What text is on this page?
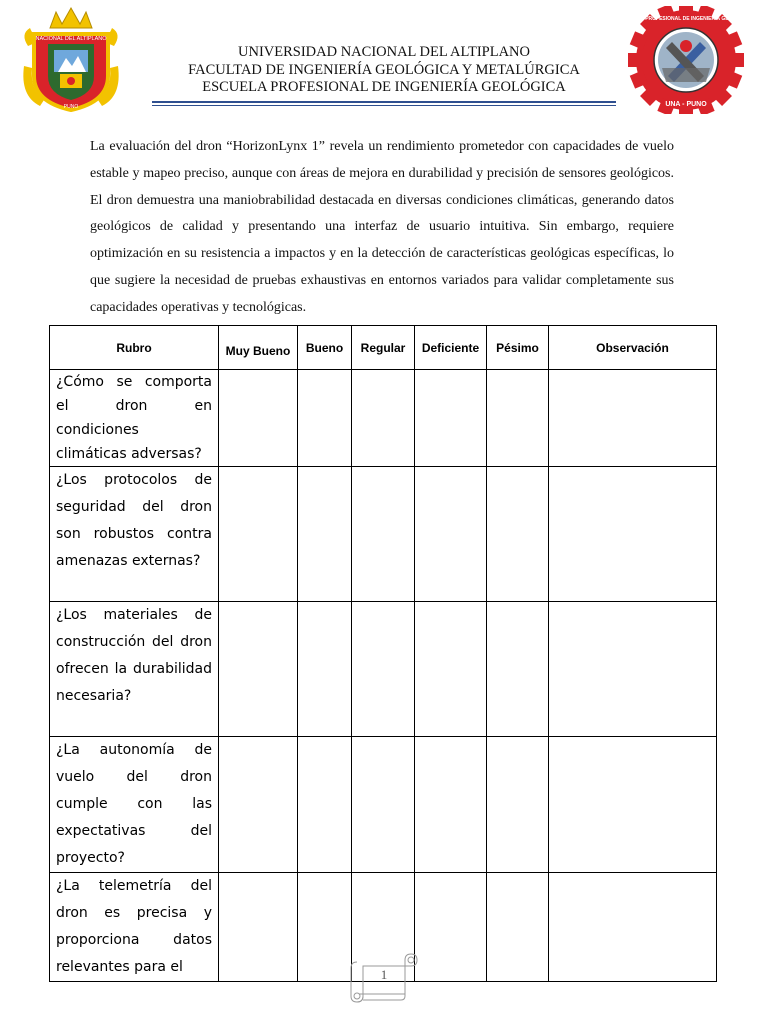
NACIONAL DEL ALTIPLANO
PUNO
UNIVERSIDAD NACIONAL DEL ALTIPLANO
FACULTAD DE INGENIERÍA GEOLÓGICA Y METALÚRGICA
ESCUELA PROFESIONAL DE INGENIERÍA GEOLÓGICA
ESCUELA PROFESIONAL DE INGENIERÍA GEOLÓGICA
UNA - PUNO

La evaluación del dron “HorizonLynx 1” revela un rendimiento prometedor con capacidades de vuelo estable y mapeo preciso, aunque con áreas de mejora en durabilidad y precisión de sensores geológicos. El dron demuestra una maniobrabilidad destacada en diversas condiciones climáticas, generando datos geológicos de calidad y presentando una interfaz de usuario intuitiva. Sin embargo, requiere optimización en su resistencia a impactos y en la detección de características geológicas específicas, lo que sugiere la necesidad de pruebas exhaustivas en entornos variados para validar completamente sus capacidades operativas y tecnológicas.

Rubro	Muy Bueno	Bueno	Regular	Deficiente	Pésimo	Observación

¿Cómo se comporta el dron en condiciones climáticas adversas?						

¿Los protocolos de seguridad del dron son robustos contra amenazas externas?						

¿Los materiales de construcción del dron ofrecen la durabilidad necesaria?						

¿La autonomía de vuelo del dron cumple con las expectativas del proyecto?						

¿La telemetría del dron es precisa y proporciona datos relevantes para el						
							1
